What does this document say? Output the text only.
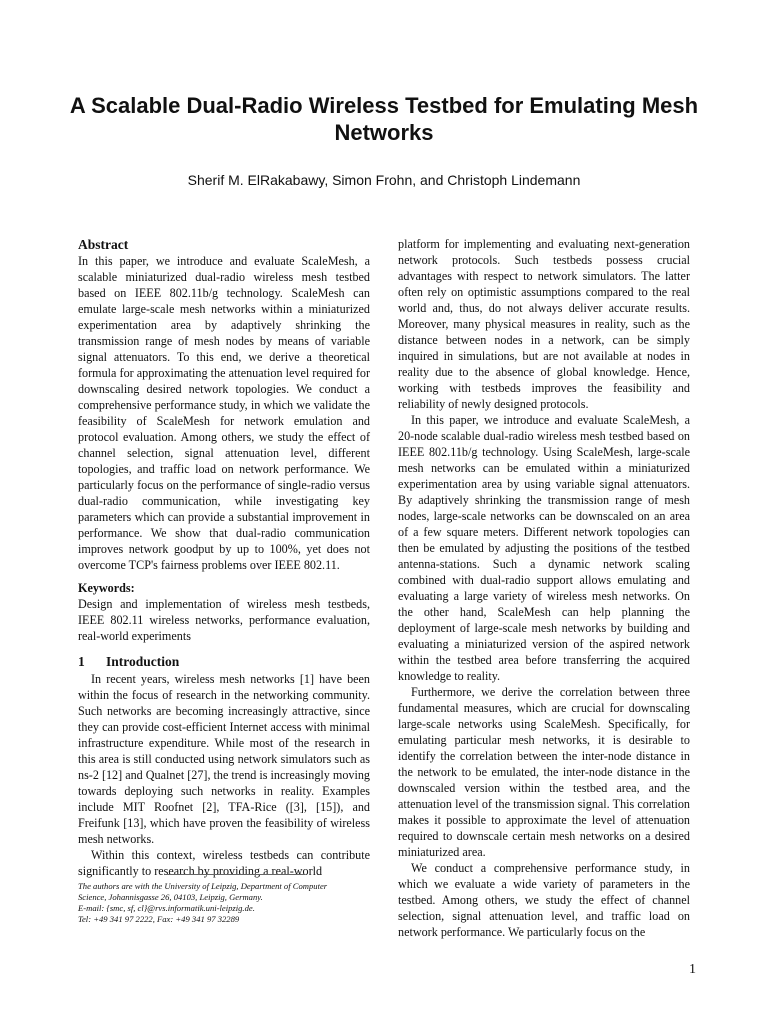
A Scalable Dual-Radio Wireless Testbed for Emulating Mesh Networks
Sherif M. ElRakabawy, Simon Frohn, and Christoph Lindemann
Abstract

In this paper, we introduce and evaluate ScaleMesh, a scalable miniaturized dual-radio wireless mesh testbed based on IEEE 802.11b/g technology. ScaleMesh can emulate large-scale mesh networks within a miniaturized experimentation area by adaptively shrinking the transmission range of mesh nodes by means of variable signal attenuators. To this end, we derive a theoretical formula for approximating the attenuation level required for downscaling desired network topologies. We conduct a comprehensive performance study, in which we validate the feasibility of ScaleMesh for network emulation and protocol evaluation. Among others, we study the effect of channel selection, signal attenuation level, different topologies, and traffic load on network performance. We particularly focus on the performance of single-radio versus dual-radio communication, while investigating key parameters which can provide a substantial improvement in performance. We show that dual-radio communication improves network goodput by up to 100%, yet does not overcome TCP's fairness problems over IEEE 802.11.

Keywords:

Design and implementation of wireless mesh testbeds, IEEE 802.11 wireless networks, performance evaluation, real-world experiments

1 Introduction

In recent years, wireless mesh networks [1] have been within the focus of research in the networking community. Such networks are becoming increasingly attractive, since they can provide cost-efficient Internet access with minimal infrastructure expenditure. While most of the research in this area is still conducted using network simulators such as ns-2 [12] and Qualnet [27], the trend is increasingly moving towards deploying such networks in reality. Examples include MIT Roofnet [2], TFA-Rice ([3], [15]), and Freifunk [13], which have proven the feasibility of wireless mesh networks.

Within this context, wireless testbeds can contribute significantly to research by providing a real-world

platform for implementing and evaluating next-generation network protocols. Such testbeds possess crucial advantages with respect to network simulators. The latter often rely on optimistic assumptions compared to the real world and, thus, do not always deliver accurate results. Moreover, many physical measures in reality, such as the distance between nodes in a network, can be simply inquired in simulations, but are not available at nodes in reality due to the absence of global knowledge. Hence, working with testbeds improves the feasibility and reliability of newly designed protocols.

In this paper, we introduce and evaluate ScaleMesh, a 20-node scalable dual-radio wireless mesh testbed based on IEEE 802.11b/g technology. Using ScaleMesh, large-scale mesh networks can be emulated within a miniaturized experimentation area by using variable signal attenuators. By adaptively shrinking the transmission range of mesh nodes, large-scale networks can be downscaled on an area of a few square meters. Different network topologies can then be emulated by adjusting the positions of the testbed antenna-stations. Such a dynamic network scaling combined with dual-radio support allows emulating and evaluating a large variety of wireless mesh networks. On the other hand, ScaleMesh can help planning the deployment of large-scale mesh networks by building and evaluating a miniaturized version of the aspired network within the testbed area before transferring the acquired knowledge to reality.

Furthermore, we derive the correlation between three fundamental measures, which are crucial for downscaling large-scale networks using ScaleMesh. Specifically, for emulating particular mesh networks, it is desirable to identify the correlation between the inter-node distance in the network to be emulated, the inter-node distance in the downscaled version within the testbed area, and the attenuation level of the transmission signal. This correlation makes it possible to approximate the level of attenuation required to downscale certain mesh networks on a desired miniaturized area.

We conduct a comprehensive performance study, in which we evaluate a wide variety of parameters in the testbed. Among others, we study the effect of channel selection, signal attenuation level, and traffic load on network performance. We particularly focus on the

The authors are with the University of Leipzig, Department of Computer
Science, Johannisgasse 26, 04103, Leipzig, Germany.
E-mail: {smc, sf, cl}@rvs.informatik.uni-leipzig.de.
Tel: +49 341 97 2222, Fax: +49 341 97 32289
1
